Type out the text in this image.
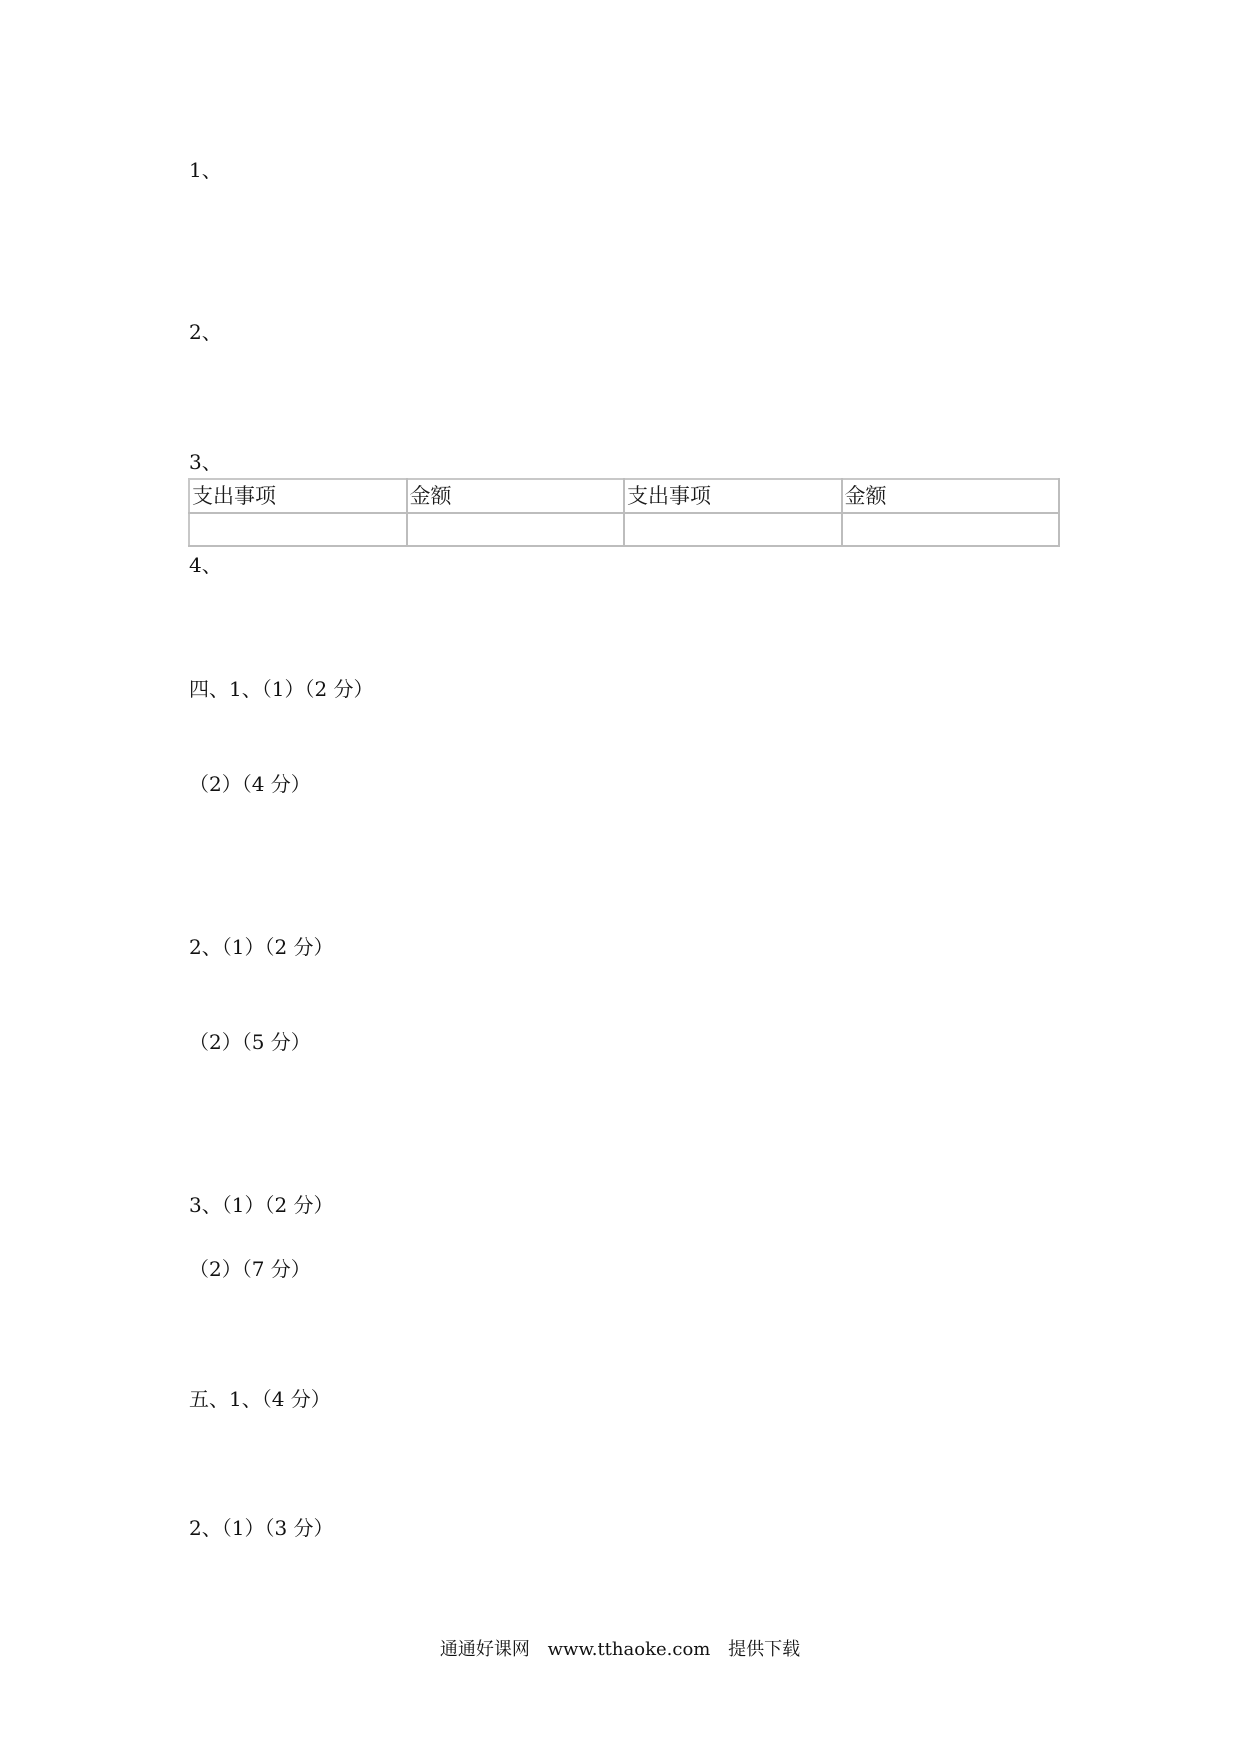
1、
2、
3、
支出事项	金额	支出事项	金额

4、
四、1、（1）（2 分）
（2）（4 分）
2、（1）（2 分）
（2）（5 分）
3、（1）（2 分）
（2）（7 分）
五、1、（4 分）
2、（1）（3 分）
通通好课网 www.tthaoke.com 提供下载
